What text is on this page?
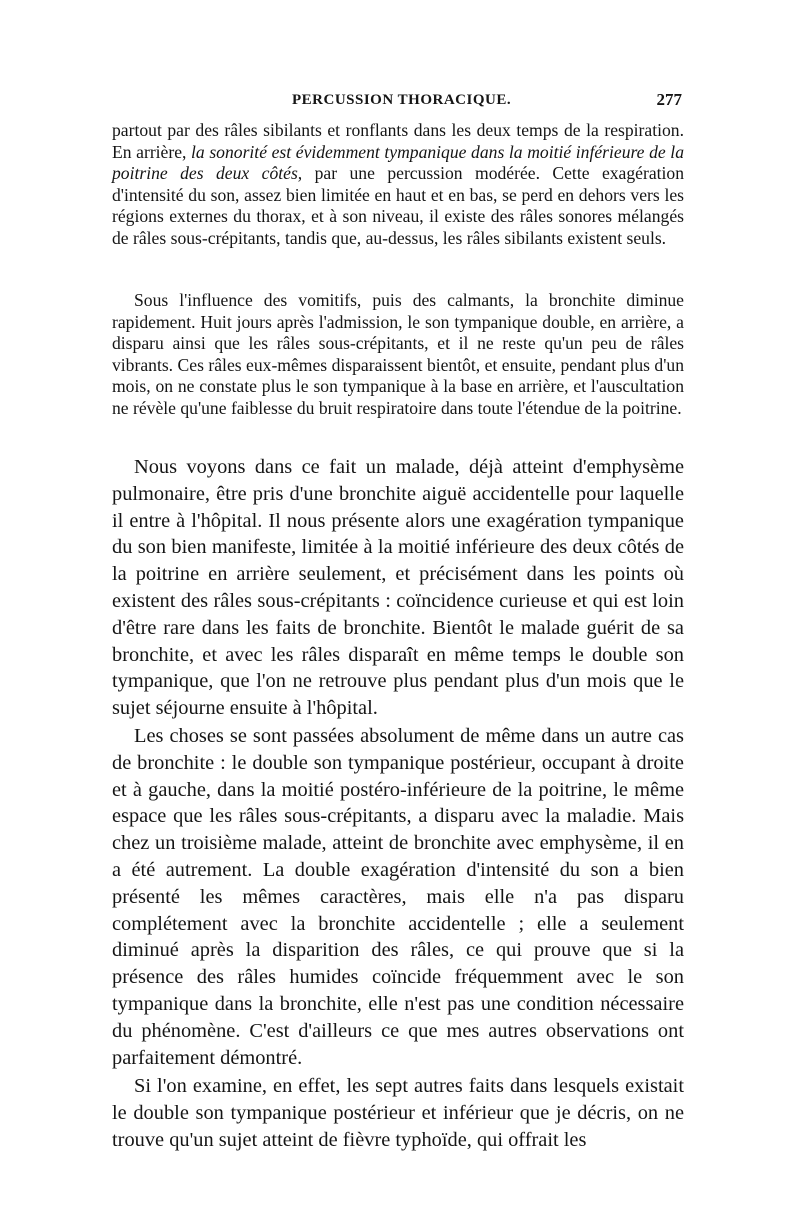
PERCUSSION THORACIQUE.	277

partout par des râles sibilants et ronflants dans les deux temps de la respiration. En arrière, la sonorité est évidemment tympanique dans la moitié inférieure de la poitrine des deux côtés, par une percussion modérée. Cette exagération d'intensité du son, assez bien limitée en haut et en bas, se perd en dehors vers les régions externes du thorax, et à son niveau, il existe des râles sonores mélangés de râles sous-crépitants, tandis que, au-dessus, les râles sibilants existent seuls.

Sous l'influence des vomitifs, puis des calmants, la bronchite diminue rapidement. Huit jours après l'admission, le son tympanique double, en arrière, a disparu ainsi que les râles sous-crépitants, et il ne reste qu'un peu de râles vibrants. Ces râles eux-mêmes disparaissent bientôt, et ensuite, pendant plus d'un mois, on ne constate plus le son tympanique à la base en arrière, et l'auscultation ne révèle qu'une faiblesse du bruit respiratoire dans toute l'étendue de la poitrine.

Nous voyons dans ce fait un malade, déjà atteint d'emphysème pulmonaire, être pris d'une bronchite aiguë accidentelle pour laquelle il entre à l'hôpital. Il nous présente alors une exagération tympanique du son bien manifeste, limitée à la moitié inférieure des deux côtés de la poitrine en arrière seulement, et précisément dans les points où existent des râles sous-crépitants : coïncidence curieuse et qui est loin d'être rare dans les faits de bronchite. Bientôt le malade guérit de sa bronchite, et avec les râles disparaît en même temps le double son tympanique, que l'on ne retrouve plus pendant plus d'un mois que le sujet séjourne ensuite à l'hôpital.

Les choses se sont passées absolument de même dans un autre cas de bronchite : le double son tympanique postérieur, occupant à droite et à gauche, dans la moitié postéro-inférieure de la poitrine, le même espace que les râles sous-crépitants, a disparu avec la maladie. Mais chez un troisième malade, atteint de bronchite avec emphysème, il en a été autrement. La double exagération d'intensité du son a bien présenté les mêmes caractères, mais elle n'a pas disparu complétement avec la bronchite accidentelle ; elle a seulement diminué après la disparition des râles, ce qui prouve que si la présence des râles humides coïncide fréquemment avec le son tympanique dans la bronchite, elle n'est pas une condition nécessaire du phénomène. C'est d'ailleurs ce que mes autres observations ont parfaitement démontré.

Si l'on examine, en effet, les sept autres faits dans lesquels existait le double son tympanique postérieur et inférieur que je décris, on ne trouve qu'un sujet atteint de fièvre typhoïde, qui offrait les
